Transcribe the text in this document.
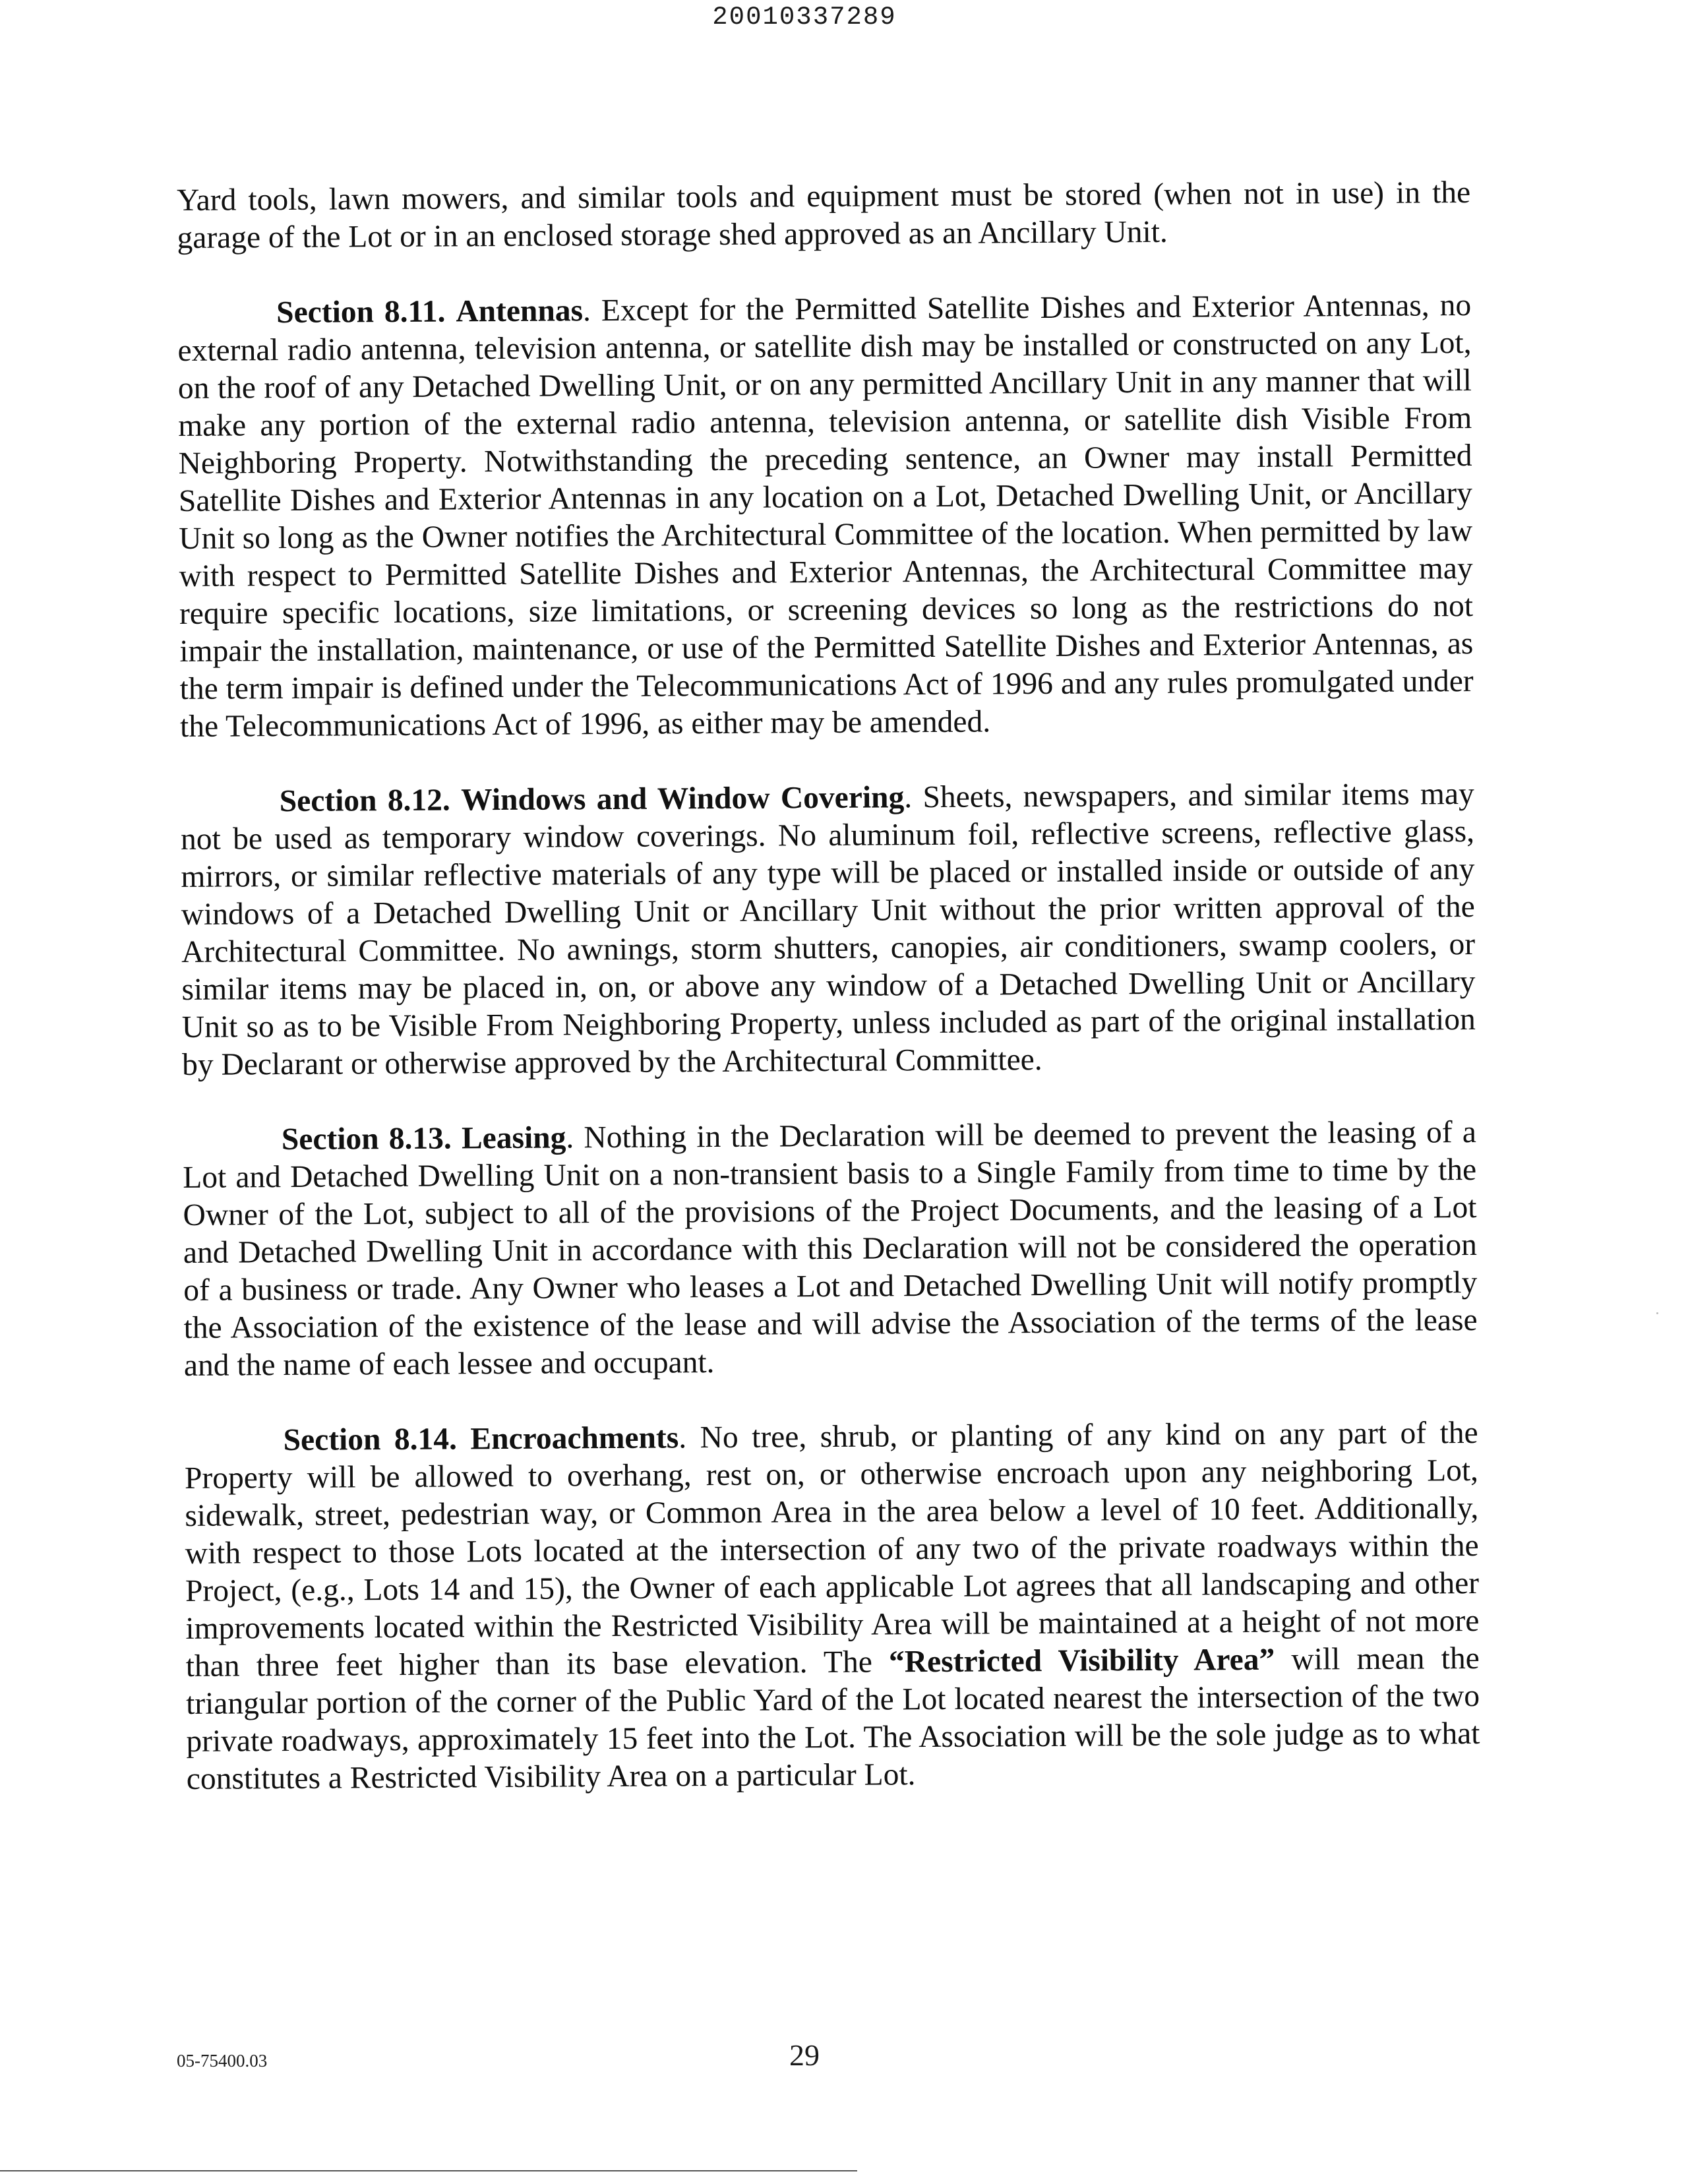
20010337289

Yard tools, lawn mowers, and similar tools and equipment must be stored (when not in use) in the garage of the Lot or in an enclosed storage shed approved as an Ancillary Unit.

Section 8.11. Antennas. Except for the Permitted Satellite Dishes and Exterior Antennas, no external radio antenna, television antenna, or satellite dish may be installed or constructed on any Lot, on the roof of any Detached Dwelling Unit, or on any permitted Ancillary Unit in any manner that will make any portion of the external radio antenna, television antenna, or satellite dish Visible From Neighboring Property. Notwithstanding the preceding sentence, an Owner may install Permitted Satellite Dishes and Exterior Antennas in any location on a Lot, Detached Dwelling Unit, or Ancillary Unit so long as the Owner notifies the Architectural Committee of the location. When permitted by law with respect to Permitted Satellite Dishes and Exterior Antennas, the Architectural Committee may require specific locations, size limitations, or screening devices so long as the restrictions do not impair the installation, maintenance, or use of the Permitted Satellite Dishes and Exterior Antennas, as the term impair is defined under the Telecommunications Act of 1996 and any rules promulgated under the Telecommunications Act of 1996, as either may be amended.

Section 8.12. Windows and Window Covering. Sheets, newspapers, and similar items may not be used as temporary window coverings. No aluminum foil, reflective screens, reflective glass, mirrors, or similar reflective materials of any type will be placed or installed inside or outside of any windows of a Detached Dwelling Unit or Ancillary Unit without the prior written approval of the Architectural Committee. No awnings, storm shutters, canopies, air conditioners, swamp coolers, or similar items may be placed in, on, or above any window of a Detached Dwelling Unit or Ancillary Unit so as to be Visible From Neighboring Property, unless included as part of the original installation by Declarant or otherwise approved by the Architectural Committee.

Section 8.13. Leasing. Nothing in the Declaration will be deemed to prevent the leasing of a Lot and Detached Dwelling Unit on a non-transient basis to a Single Family from time to time by the Owner of the Lot, subject to all of the provisions of the Project Documents, and the leasing of a Lot and Detached Dwelling Unit in accordance with this Declaration will not be considered the operation of a business or trade. Any Owner who leases a Lot and Detached Dwelling Unit will notify promptly the Association of the existence of the lease and will advise the Association of the terms of the lease and the name of each lessee and occupant.

Section 8.14. Encroachments. No tree, shrub, or planting of any kind on any part of the Property will be allowed to overhang, rest on, or otherwise encroach upon any neighboring Lot, sidewalk, street, pedestrian way, or Common Area in the area below a level of 10 feet. Additionally, with respect to those Lots located at the intersection of any two of the private roadways within the Project, (e.g., Lots 14 and 15), the Owner of each applicable Lot agrees that all landscaping and other improvements located within the Restricted Visibility Area will be maintained at a height of not more than three feet higher than its base elevation. The “Restricted Visibility Area” will mean the triangular portion of the corner of the Public Yard of the Lot located nearest the intersection of the two private roadways, approximately 15 feet into the Lot. The Association will be the sole judge as to what constitutes a Restricted Visibility Area on a particular Lot.

05-75400.03	29
